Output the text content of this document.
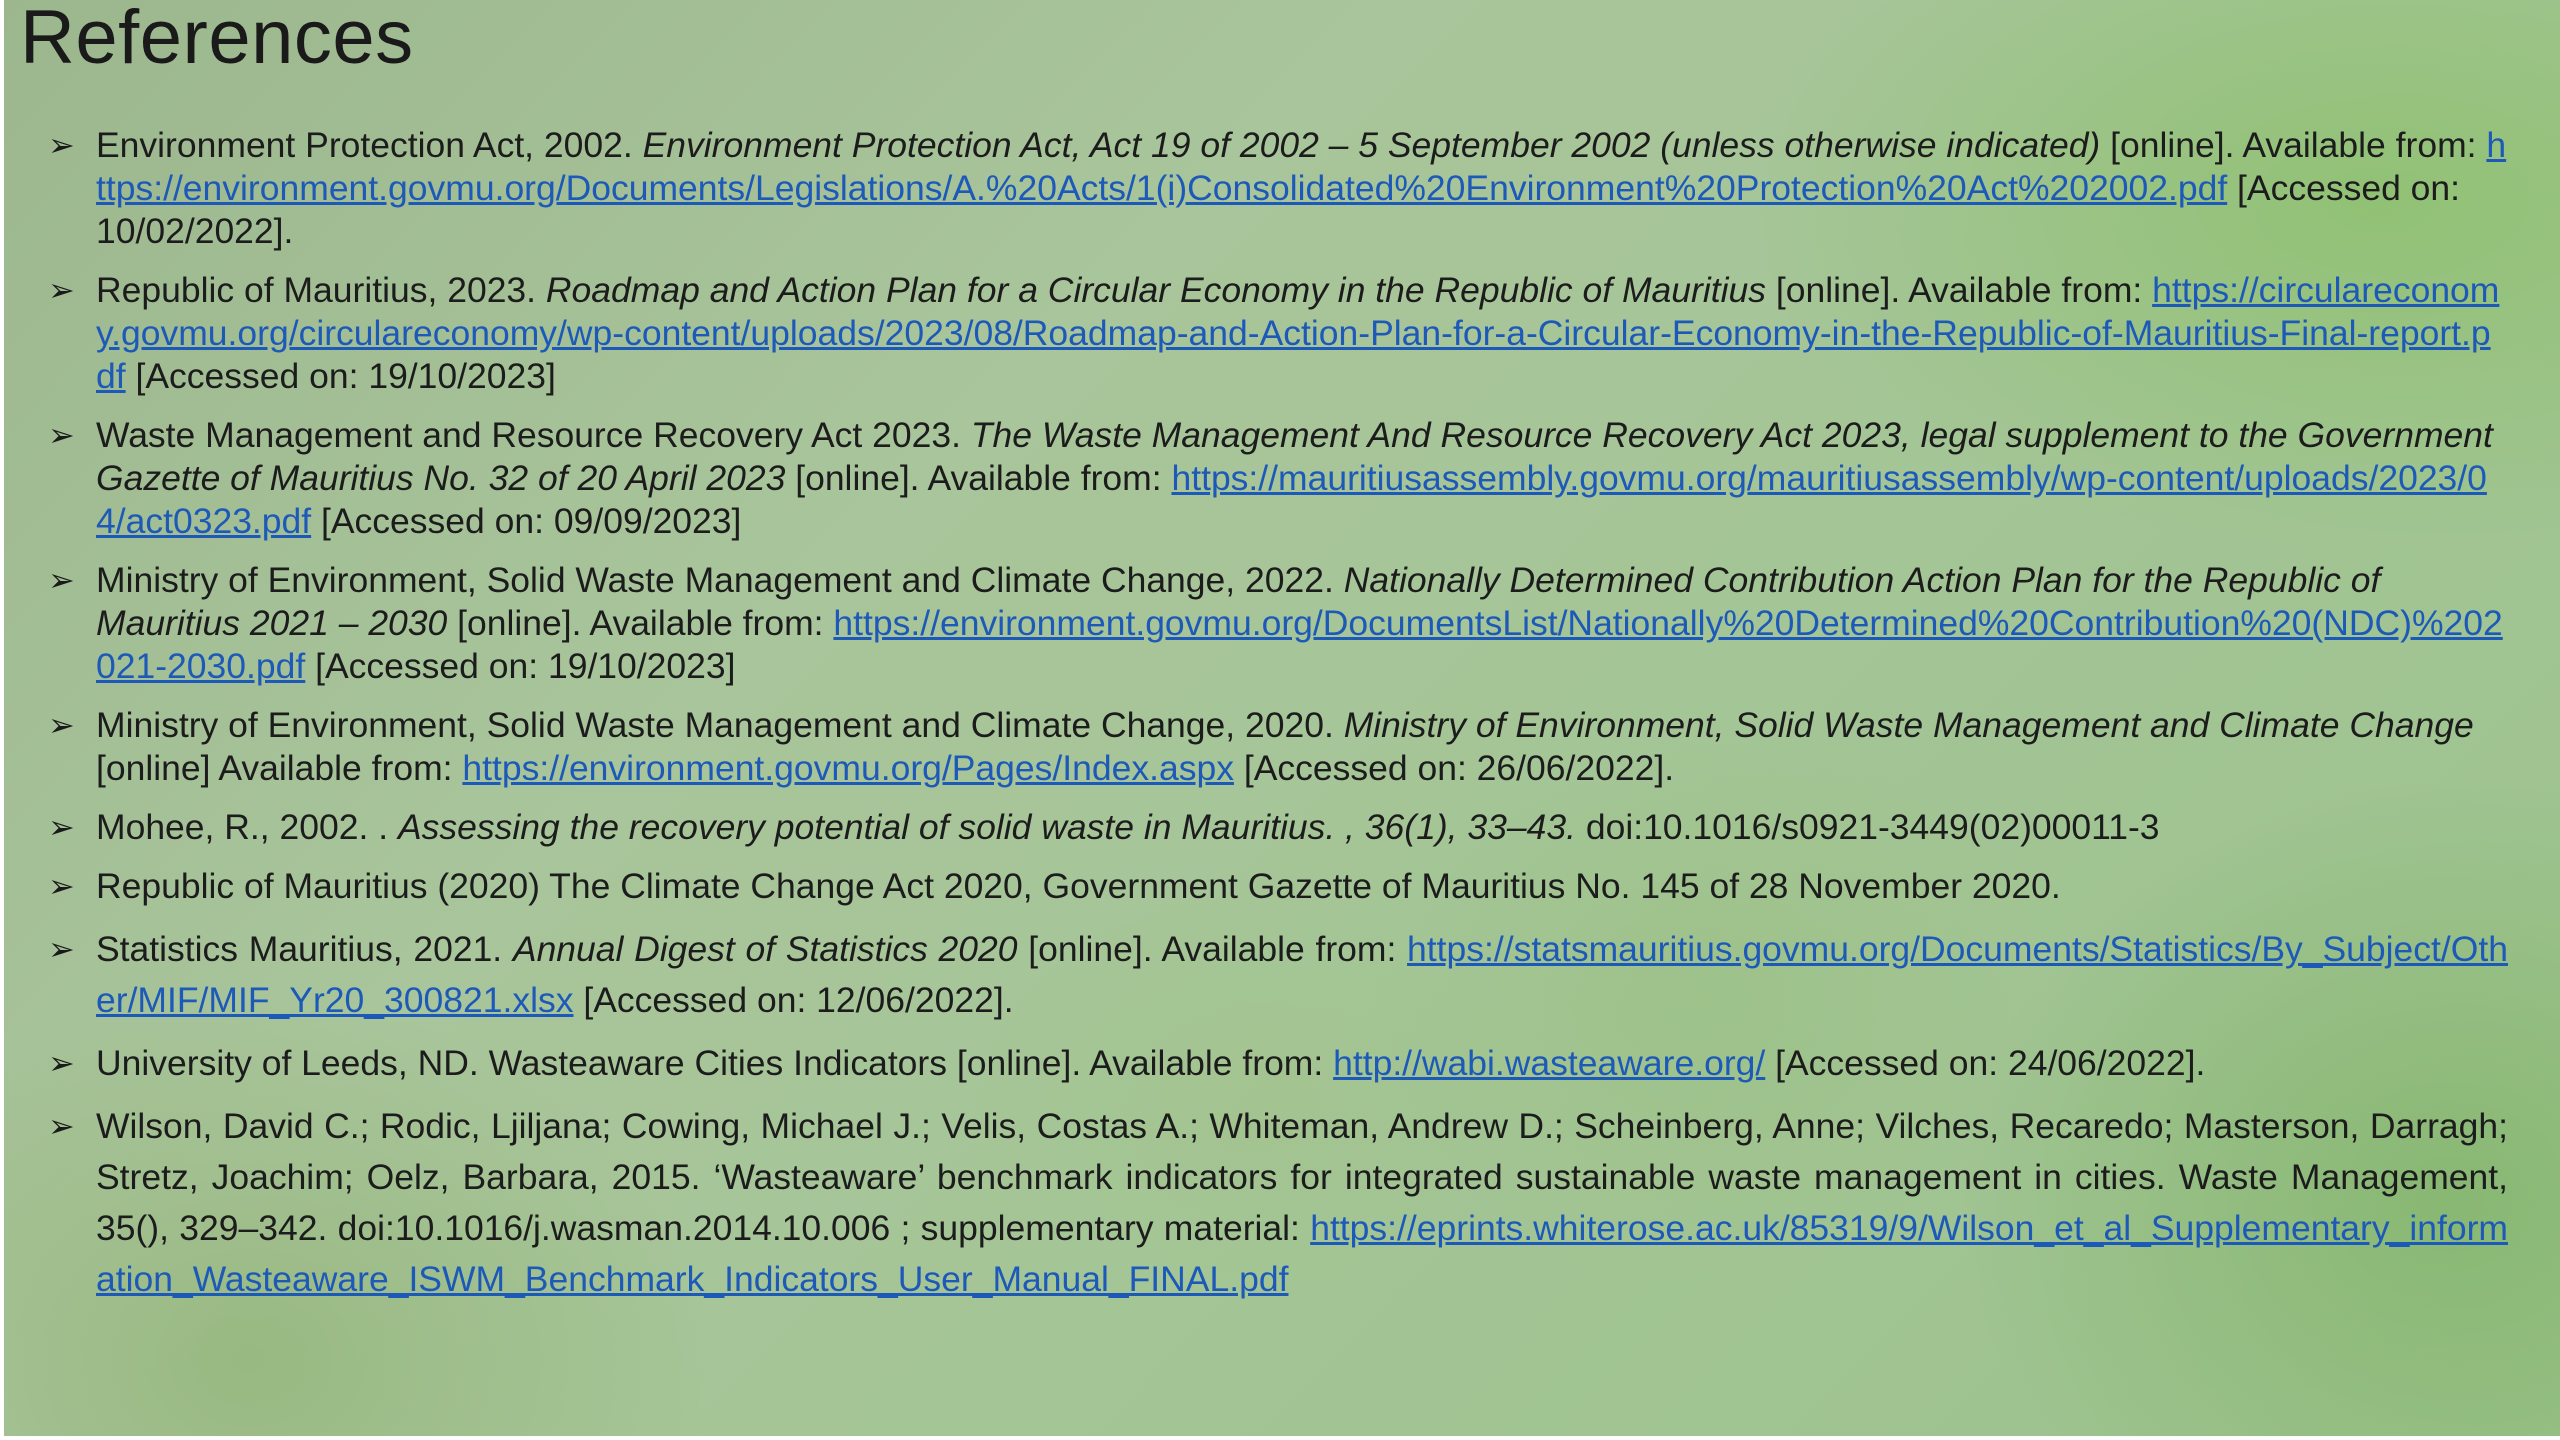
References
➢ Environment Protection Act, 2002. Environment Protection Act, Act 19 of 2002 – 5 September 2002 (unless otherwise indicated) [online]. Available from: https://environment.govmu.org/Documents/Legislations/A.%20Acts/1(i)Consolidated%20Environment%20Protection%20Act%202002.pdf [Accessed on: 10/02/2022].
➢ Republic of Mauritius, 2023. Roadmap and Action Plan for a Circular Economy in the Republic of Mauritius [online]. Available from: https://circulareconomy.govmu.org/circulareconomy/wp-content/uploads/2023/08/Roadmap-and-Action-Plan-for-a-Circular-Economy-in-the-Republic-of-Mauritius-Final-report.pdf [Accessed on: 19/10/2023]
➢ Waste Management and Resource Recovery Act 2023. The Waste Management And Resource Recovery Act 2023, legal supplement to the Government Gazette of Mauritius No. 32 of 20 April 2023 [online]. Available from: https://mauritiusassembly.govmu.org/mauritiusassembly/wp-content/uploads/2023/04/act0323.pdf [Accessed on: 09/09/2023]
➢ Ministry of Environment, Solid Waste Management and Climate Change, 2022. Nationally Determined Contribution Action Plan for the Republic of Mauritius 2021 – 2030 [online]. Available from: https://environment.govmu.org/DocumentsList/Nationally%20Determined%20Contribution%20(NDC)%202021-2030.pdf [Accessed on: 19/10/2023]
➢ Ministry of Environment, Solid Waste Management and Climate Change, 2020. Ministry of Environment, Solid Waste Management and Climate Change [online] Available from: https://environment.govmu.org/Pages/Index.aspx [Accessed on: 26/06/2022].
➢ Mohee, R., 2002. . Assessing the recovery potential of solid waste in Mauritius. , 36(1), 33–43. doi:10.1016/s0921-3449(02)00011-3
➢ Republic of Mauritius (2020) The Climate Change Act 2020, Government Gazette of Mauritius No. 145 of 28 November 2020.
➢ Statistics Mauritius, 2021. Annual Digest of Statistics 2020 [online]. Available from: https://statsmauritius.govmu.org/Documents/Statistics/By_Subject/Other/MIF/MIF_Yr20_300821.xlsx [Accessed on: 12/06/2022].
➢ University of Leeds, ND. Wasteaware Cities Indicators [online]. Available from: http://wabi.wasteaware.org/ [Accessed on: 24/06/2022].
➢ Wilson, David C.; Rodic, Ljiljana; Cowing, Michael J.; Velis, Costas A.; Whiteman, Andrew D.; Scheinberg, Anne; Vilches, Recaredo; Masterson, Darragh; Stretz, Joachim; Oelz, Barbara, 2015. ‘Wasteaware’ benchmark indicators for integrated sustainable waste management in cities. Waste Management, 35(), 329–342. doi:10.1016/j.wasman.2014.10.006 ; supplementary material: https://eprints.whiterose.ac.uk/85319/9/Wilson_et_al_Supplementary_information_Wasteaware_ISWM_Benchmark_Indicators_User_Manual_FINAL.pdf
